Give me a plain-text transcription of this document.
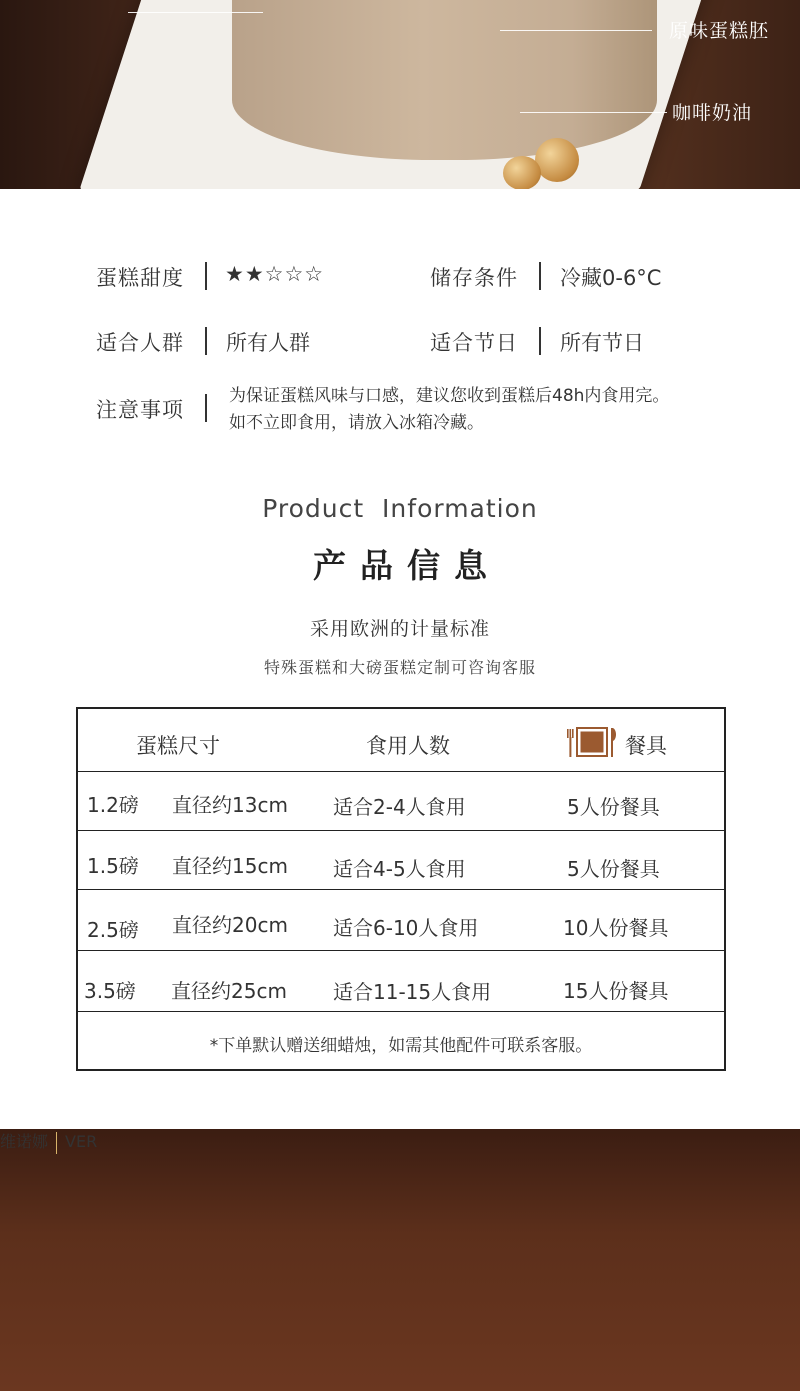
原味蛋糕胚
咖啡奶油
蛋糕甜度 ★★☆☆☆	储存条件 冷藏0-6°C
适合人群 所有人群	适合节日 所有节日
注意事项
为保证蛋糕风味与口感，建议您收到蛋糕后48h内食用完。
如不立即食用，请放入冰箱冷藏。
Product  Information
产品信息
采用欧洲的计量标准
特殊蛋糕和大磅蛋糕定制可咨询客服
蛋糕尺寸	食用人数	餐具
1.2磅 直径约13cm 适合2-4人食用	5人份餐具
1.5磅 直径约15cm 适合4-5人食用	5人份餐具
2.5磅 直径约20cm 适合6-10人食用	10人份餐具
3.5磅 直径约25cm 适合11-15人食用	15人份餐具
*下单默认赠送细蜡烛，如需其他配件可联系客服。
维诺娜 VER
